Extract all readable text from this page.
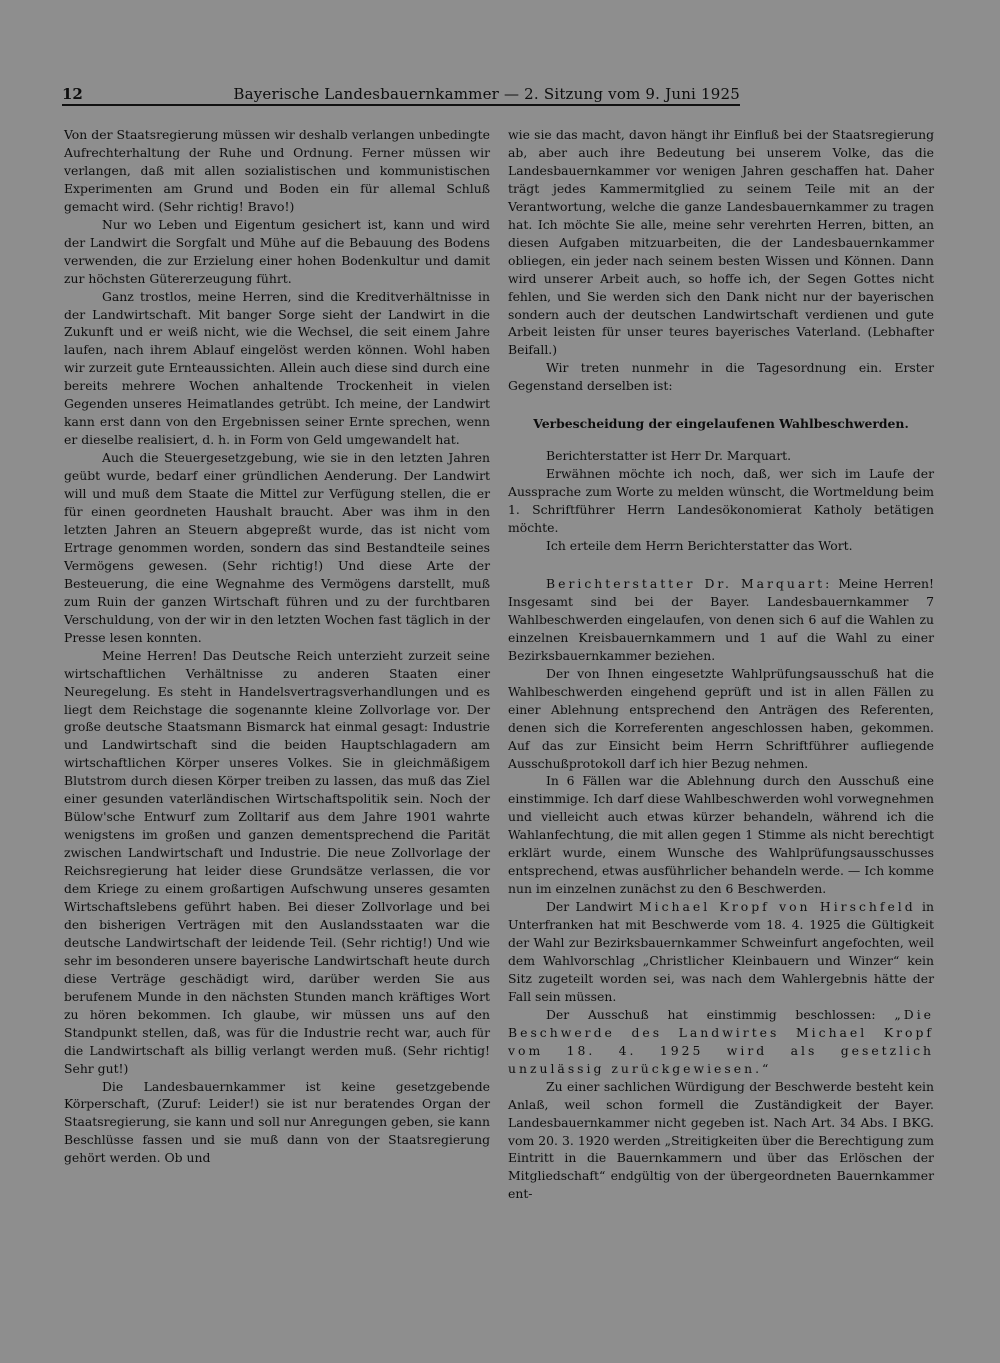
12	Bayerische Landesbauernkammer — 2. Sitzung vom 9. Juni 1925

Von der Staatsregierung müssen wir deshalb verlangen unbedingte Aufrechterhaltung der Ruhe und Ordnung. Ferner müssen wir verlangen, daß mit allen sozialistischen und kommunistischen Experimenten am Grund und Boden ein für allemal Schluß gemacht wird. (Sehr richtig! Bravo!)

Nur wo Leben und Eigentum gesichert ist, kann und wird der Landwirt die Sorgfalt und Mühe auf die Bebauung des Bodens verwenden, die zur Erzielung einer hohen Bodenkultur und damit zur höchsten Gütererzeugung führt.

Ganz trostlos, meine Herren, sind die Kreditverhältnisse in der Landwirtschaft. Mit banger Sorge sieht der Landwirt in die Zukunft und er weiß nicht, wie die Wechsel, die seit einem Jahre laufen, nach ihrem Ablauf eingelöst werden können. Wohl haben wir zurzeit gute Ernteaussichten. Allein auch diese sind durch eine bereits mehrere Wochen anhaltende Trockenheit in vielen Gegenden unseres Heimatlandes getrübt. Ich meine, der Landwirt kann erst dann von den Ergebnissen seiner Ernte sprechen, wenn er dieselbe realisiert, d. h. in Form von Geld umgewandelt hat.

Auch die Steuergesetzgebung, wie sie in den letzten Jahren geübt wurde, bedarf einer gründlichen Aenderung. Der Landwirt will und muß dem Staate die Mittel zur Verfügung stellen, die er für einen geordneten Haushalt braucht. Aber was ihm in den letzten Jahren an Steuern abgepreßt wurde, das ist nicht vom Ertrage genommen worden, sondern das sind Bestandteile seines Vermögens gewesen. (Sehr richtig!) Und diese Arte der Besteuerung, die eine Wegnahme des Vermögens darstellt, muß zum Ruin der ganzen Wirtschaft führen und zu der furchtbaren Verschuldung, von der wir in den letzten Wochen fast täglich in der Presse lesen konnten.

Meine Herren! Das Deutsche Reich unterzieht zurzeit seine wirtschaftlichen Verhältnisse zu anderen Staaten einer Neuregelung. Es steht in Handelsvertragsverhandlungen und es liegt dem Reichstage die sogenannte kleine Zollvorlage vor. Der große deutsche Staatsmann Bismarck hat einmal gesagt: Industrie und Landwirtschaft sind die beiden Hauptschlagadern am wirtschaftlichen Körper unseres Volkes. Sie in gleichmäßigem Blutstrom durch diesen Körper treiben zu lassen, das muß das Ziel einer gesunden vaterländischen Wirtschaftspolitik sein. Noch der Bülow'sche Entwurf zum Zolltarif aus dem Jahre 1901 wahrte wenigstens im großen und ganzen dementsprechend die Parität zwischen Landwirtschaft und Industrie. Die neue Zollvorlage der Reichsregierung hat leider diese Grundsätze verlassen, die vor dem Kriege zu einem großartigen Aufschwung unseres gesamten Wirtschaftslebens geführt haben. Bei dieser Zollvorlage und bei den bisherigen Verträgen mit den Auslandsstaaten war die deutsche Landwirtschaft der leidende Teil. (Sehr richtig!) Und wie sehr im besonderen unsere bayerische Landwirtschaft heute durch diese Verträge geschädigt wird, darüber werden Sie aus berufenem Munde in den nächsten Stunden manch kräftiges Wort zu hören bekommen. Ich glaube, wir müssen uns auf den Standpunkt stellen, daß, was für die Industrie recht war, auch für die Landwirtschaft als billig verlangt werden muß. (Sehr richtig! Sehr gut!)

Die Landesbauernkammer ist keine gesetzgebende Körperschaft, (Zuruf: Leider!) sie ist nur beratendes Organ der Staatsregierung, sie kann und soll nur Anregungen geben, sie kann Beschlüsse fassen und sie muß dann von der Staatsregierung gehört werden. Ob und

wie sie das macht, davon hängt ihr Einfluß bei der Staatsregierung ab, aber auch ihre Bedeutung bei unserem Volke, das die Landesbauernkammer vor wenigen Jahren geschaffen hat. Daher trägt jedes Kammermitglied zu seinem Teile mit an der Verantwortung, welche die ganze Landesbauernkammer zu tragen hat. Ich möchte Sie alle, meine sehr verehrten Herren, bitten, an diesen Aufgaben mitzuarbeiten, die der Landesbauernkammer obliegen, ein jeder nach seinem besten Wissen und Können. Dann wird unserer Arbeit auch, so hoffe ich, der Segen Gottes nicht fehlen, und Sie werden sich den Dank nicht nur der bayerischen sondern auch der deutschen Landwirtschaft verdienen und gute Arbeit leisten für unser teures bayerisches Vaterland. (Lebhafter Beifall.)

Wir treten nunmehr in die Tagesordnung ein. Erster Gegenstand derselben ist:

Verbescheidung der eingelaufenen Wahlbeschwerden.

Berichterstatter ist Herr Dr. Marquart.

Erwähnen möchte ich noch, daß, wer sich im Laufe der Aussprache zum Worte zu melden wünscht, die Wortmeldung beim 1. Schriftführer Herrn Landesökonomierat Katholy betätigen möchte.

Ich erteile dem Herrn Berichterstatter das Wort.

Berichterstatter Dr. Marquart: Meine Herren! Insgesamt sind bei der Bayer. Landesbauernkammer 7 Wahlbeschwerden eingelaufen, von denen sich 6 auf die Wahlen zu einzelnen Kreisbauernkammern und 1 auf die Wahl zu einer Bezirksbauernkammer beziehen.

Der von Ihnen eingesetzte Wahlprüfungsausschuß hat die Wahlbeschwerden eingehend geprüft und ist in allen Fällen zu einer Ablehnung entsprechend den Anträgen des Referenten, denen sich die Korreferenten angeschlossen haben, gekommen. Auf das zur Einsicht beim Herrn Schriftführer aufliegende Ausschußprotokoll darf ich hier Bezug nehmen.

In 6 Fällen war die Ablehnung durch den Ausschuß eine einstimmige. Ich darf diese Wahlbeschwerden wohl vorwegnehmen und vielleicht auch etwas kürzer behandeln, während ich die Wahlanfechtung, die mit allen gegen 1 Stimme als nicht berechtigt erklärt wurde, einem Wunsche des Wahlprüfungsausschusses entsprechend, etwas ausführlicher behandeln werde. — Ich komme nun im einzelnen zunächst zu den 6 Beschwerden.

Der Landwirt Michael Kropf von Hirschfeld in Unterfranken hat mit Beschwerde vom 18. 4. 1925 die Gültigkeit der Wahl zur Bezirksbauernkammer Schweinfurt angefochten, weil dem Wahlvorschlag „Christlicher Kleinbauern und Winzer“ kein Sitz zugeteilt worden sei, was nach dem Wahlergebnis hätte der Fall sein müssen.

Der Ausschuß hat einstimmig beschlossen: „Die Beschwerde des Landwirtes Michael Kropf vom 18. 4. 1925 wird als gesetzlich unzulässig zurückgewiesen.“

Zu einer sachlichen Würdigung der Beschwerde besteht kein Anlaß, weil schon formell die Zuständigkeit der Bayer. Landesbauernkammer nicht gegeben ist. Nach Art. 34 Abs. I BKG. vom 20. 3. 1920 werden „Streitigkeiten über die Berechtigung zum Eintritt in die Bauernkammern und über das Erlöschen der Mitgliedschaft“ endgültig von der übergeordneten Bauernkammer ent-
